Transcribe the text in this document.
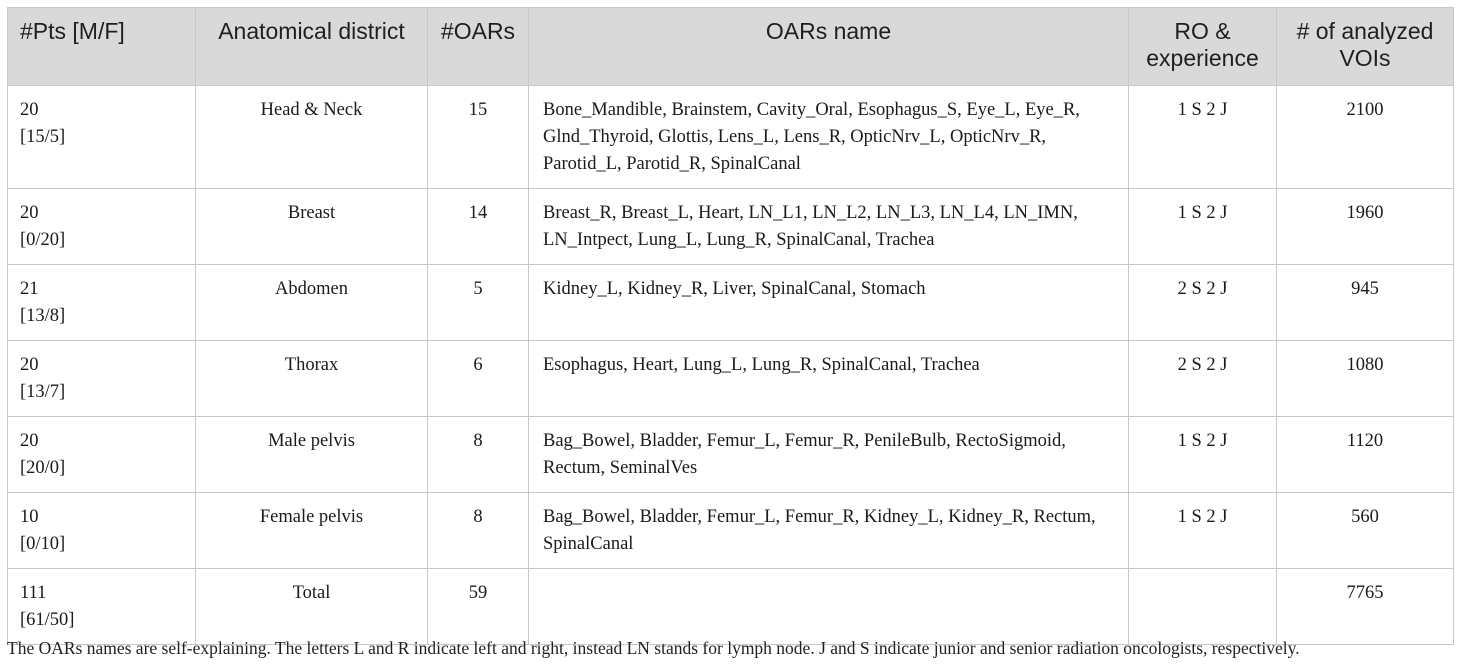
#Pts [M/F]	Anatomical district	#OARs	OARs name	RO & experience	# of analyzed VOIs

20
[15/5]	Head & Neck	15	Bone_Mandible, Brainstem, Cavity_Oral, Esophagus_S, Eye_L, Eye_R, Glnd_Thyroid, Glottis, Lens_L, Lens_R, OpticNrv_L, OpticNrv_R, Parotid_L, Parotid_R, SpinalCanal	1 S 2 J	2100

20
[0/20]	Breast	14	Breast_R, Breast_L, Heart, LN_L1, LN_L2, LN_L3, LN_L4, LN_IMN, LN_Intpect, Lung_L, Lung_R, SpinalCanal, Trachea	1 S 2 J	1960

21
[13/8]	Abdomen	5	Kidney_L, Kidney_R, Liver, SpinalCanal, Stomach	2 S 2 J	945

20
[13/7]	Thorax	6	Esophagus, Heart, Lung_L, Lung_R, SpinalCanal, Trachea	2 S 2 J	1080

20
[20/0]	Male pelvis	8	Bag_Bowel, Bladder, Femur_L, Femur_R, PenileBulb, RectoSigmoid, Rectum, SeminalVes	1 S 2 J	1120

10
[0/10]	Female pelvis	8	Bag_Bowel, Bladder, Femur_L, Femur_R, Kidney_L, Kidney_R, Rectum, SpinalCanal	1 S 2 J	560

111
[61/50]	Total	59			7765
The OARs names are self-explaining. The letters L and R indicate left and right, instead LN stands for lymph node. J and S indicate junior and senior radiation oncologists, respectively.
